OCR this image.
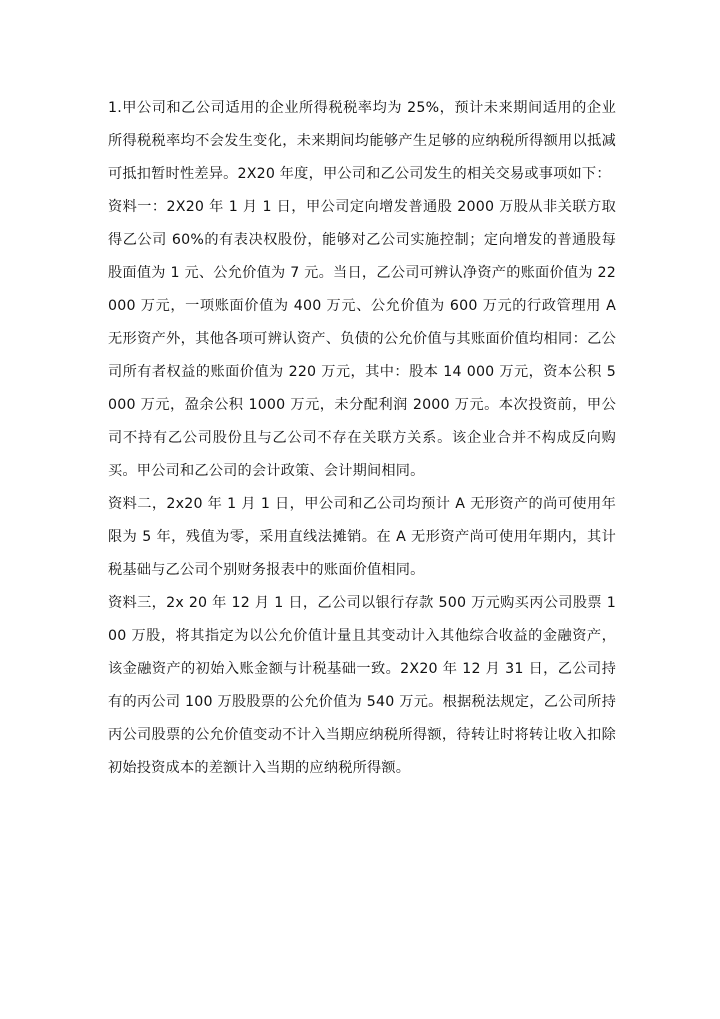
1.甲公司和乙公司适用的企业所得税税率均为 25%，预计未来期间适用的企业所得税税率均不会发生变化，未来期间均能够产生足够的应纳税所得额用以抵减可抵扣暂时性差异。2X20 年度，甲公司和乙公司发生的相关交易或事项如下：

资料一：2X20 年 1 月 1 日，甲公司定向增发普通股 2000 万股从非关联方取得乙公司 60%的有表决权股份，能够对乙公司实施控制；定向增发的普通股每股面值为 1 元、公允价值为 7 元。当日，乙公司可辨认净资产的账面价值为 22000 万元，一项账面价值为 400 万元、公允价值为 600 万元的行政管理用 A 无形资产外，其他各项可辨认资产、负债的公允价值与其账面价值均相同：乙公司所有者权益的账面价值为 220 万元，其中：股本 14 000 万元，资本公积 5000 万元，盈余公积 1000 万元，未分配利润 2000 万元。本次投资前，甲公司不持有乙公司股份且与乙公司不存在关联方关系。该企业合并不构成反向购买。甲公司和乙公司的会计政策、会计期间相同。

资料二，2x20 年 1 月 1 日，甲公司和乙公司均预计 A 无形资产的尚可使用年限为 5 年，残值为零，采用直线法摊销。在 A 无形资产尚可使用年期内，其计税基础与乙公司个别财务报表中的账面价值相同。

资料三，2x 20 年 12 月 1 日，乙公司以银行存款 500 万元购买丙公司股票 100 万股，将其指定为以公允价值计量且其变动计入其他综合收益的金融资产，该金融资产的初始入账金额与计税基础一致。2X20 年 12 月 31 日，乙公司持有的丙公司 100 万股股票的公允价值为 540 万元。根据税法规定，乙公司所持丙公司股票的公允价值变动不计入当期应纳税所得额，待转让时将转让收入扣除初始投资成本的差额计入当期的应纳税所得额。
